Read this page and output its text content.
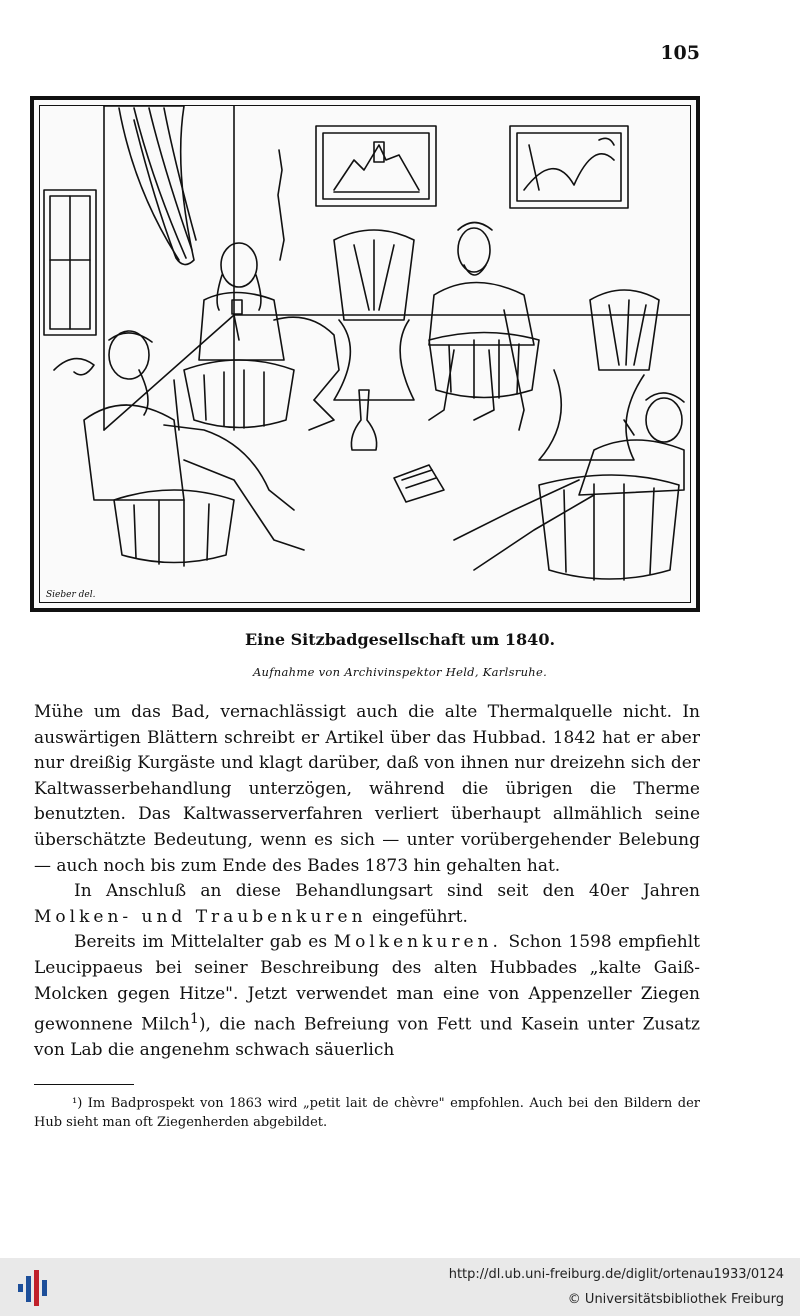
105
Sieber del.
Eine Sitzbadgesellschaft um 1840.
Aufnahme von Archivinspektor Held, Karlsruhe.

Mühe um das Bad, vernachlässigt auch die alte Thermalquelle nicht. In auswärtigen Blättern schreibt er Artikel über das Hubbad. 1842 hat er aber nur dreißig Kurgäste und klagt darüber, daß von ihnen nur dreizehn sich der Kaltwasserbehandlung unterzögen, während die übrigen die Therme benutzten. Das Kaltwasserverfahren verliert überhaupt allmählich seine überschätzte Bedeutung, wenn es sich — unter vorübergehender Belebung — auch noch bis zum Ende des Bades 1873 hin gehalten hat.

In Anschluß an diese Behandlungsart sind seit den 40er Jahren Molken- und Traubenkuren eingeführt.

Bereits im Mittelalter gab es Molkenkuren. Schon 1598 empfiehlt Leucippaeus bei seiner Beschreibung des alten Hubbades „kalte Gaiß-Molcken gegen Hitze". Jetzt verwendet man eine von Appenzeller Ziegen gewonnene Milch$^1$), die nach Befreiung von Fett und Kasein unter Zusatz von Lab die angenehm schwach säuerlich

¹) Im Badprospekt von 1863 wird „petit lait de chèvre" empfohlen. Auch bei den Bildern der Hub sieht man oft Ziegenherden abgebildet.
http://dl.ub.uni-freiburg.de/diglit/ortenau1933/0124
© Universitätsbibliothek Freiburg
